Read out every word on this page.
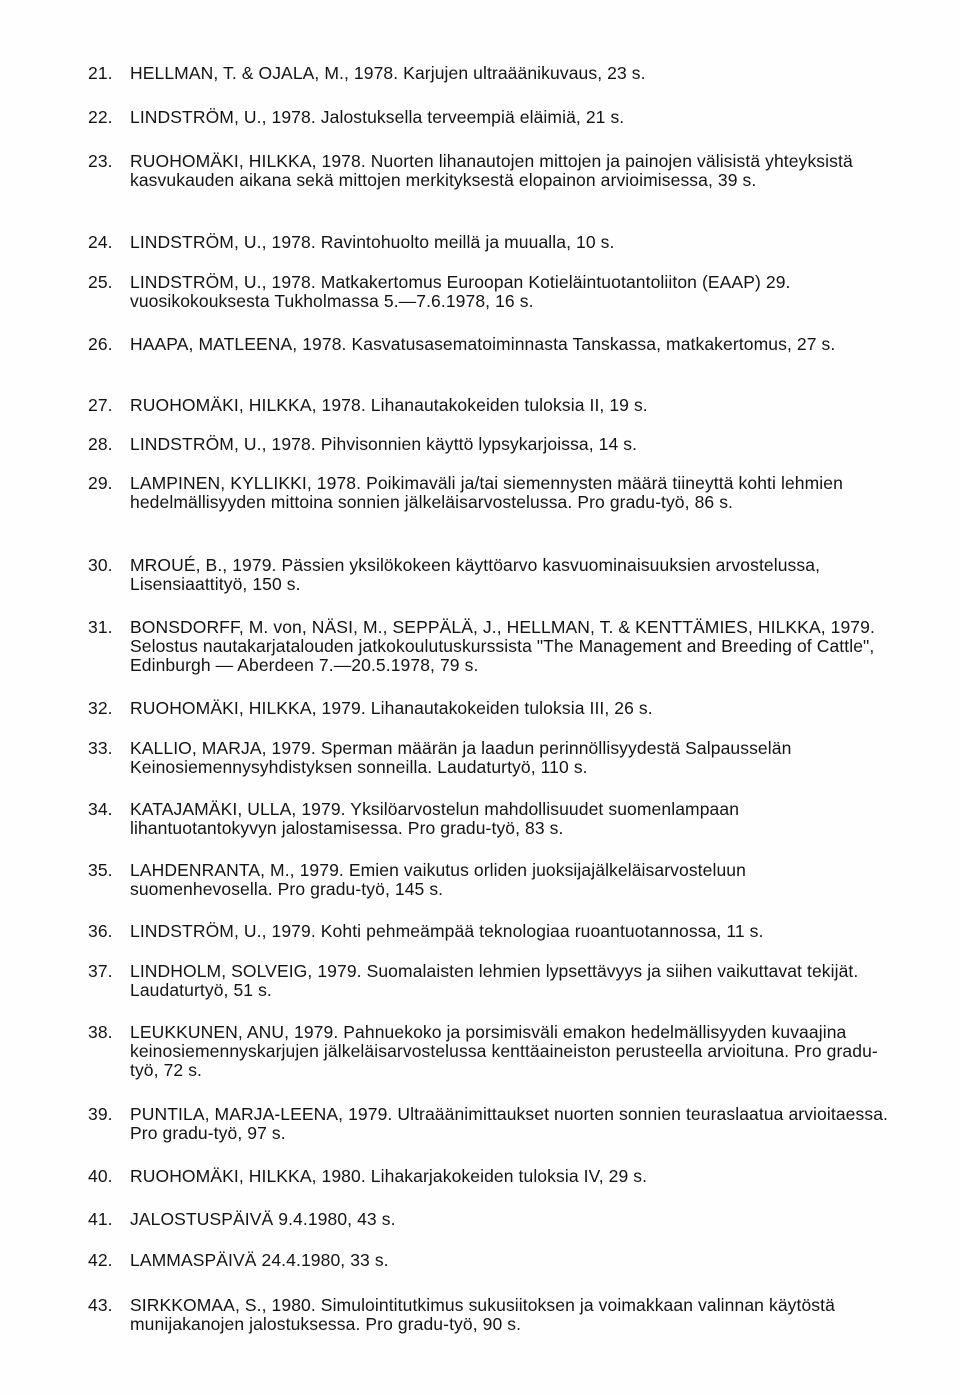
21. HELLMAN, T. & OJALA, M., 1978. Karjujen ultraäänikuvaus, 23 s.
22. LINDSTRÖM, U., 1978. Jalostuksella terveempiä eläimiä, 21 s.
23. RUOHOMÄKI, HILKKA, 1978. Nuorten lihanautojen mittojen ja painojen välisistä yhteyksistä kasvukauden aikana sekä mittojen merkityksestä elopainon arvioimisessa, 39 s.
24. LINDSTRÖM, U., 1978. Ravintohuolto meillä ja muualla, 10 s.
25. LINDSTRÖM, U., 1978. Matkakertomus Euroopan Kotieläintuotantoliiton (EAAP) 29. vuosikokouksesta Tukholmassa 5.—7.6.1978, 16 s.
26. HAAPA, MATLEENA, 1978. Kasvatusasematoiminnasta Tanskassa, matkakertomus, 27 s.
27. RUOHOMÄKI, HILKKA, 1978. Lihanautakokeiden tuloksia II, 19 s.
28. LINDSTRÖM, U., 1978. Pihvisonnien käyttö lypsykarjoissa, 14 s.
29. LAMPINEN, KYLLIKKI, 1978. Poikimaväli ja/tai siemennysten määrä tiineyttä kohti lehmien hedelmällisyyden mittoina sonnien jälkeläisarvostelussa. Pro gradu-työ, 86 s.
30. MROUÉ, B., 1979. Pässien yksilökokeen käyttöarvo kasvuominaisuuksien arvostelussa, Lisensiaattityö, 150 s.
31. BONSDORFF, M. von, NÄSI, M., SEPPÄLÄ, J., HELLMAN, T. & KENTTÄMIES, HILKKA, 1979. Selostus nautakarjatalouden jatkokoulutuskurssista "The Management and Breeding of Cattle", Edinburgh — Aberdeen 7.—20.5.1978, 79 s.
32. RUOHOMÄKI, HILKKA, 1979. Lihanautakokeiden tuloksia III, 26 s.
33. KALLIO, MARJA, 1979. Sperman määrän ja laadun perinnöllisyydestä Salpausselän Keinosiemennysyhdistyksen sonneilla. Laudaturtyö, 110 s.
34. KATAJAMÄKI, ULLA, 1979. Yksilöarvostelun mahdollisuudet suomenlampaan lihantuotantokyvyn jalostamisessa. Pro gradu-työ, 83 s.
35. LAHDENRANTA, M., 1979. Emien vaikutus orliden juoksijajälkeläisarvosteluun suomenhevosella. Pro gradu-työ, 145 s.
36. LINDSTRÖM, U., 1979. Kohti pehmeämpää teknologiaa ruoantuotannossa, 11 s.
37. LINDHOLM, SOLVEIG, 1979. Suomalaisten lehmien lypsettävyys ja siihen vaikuttavat tekijät. Laudaturtyö, 51 s.
38. LEUKKUNEN, ANU, 1979. Pahnuekoko ja porsimisväli emakon hedelmällisyyden kuvaajina keinosiemennyskarjujen jälkeläisarvostelussa kenttäaineiston perusteella arvioituna. Pro gradu-työ, 72 s.
39. PUNTILA, MARJA-LEENA, 1979. Ultraäänimittaukset nuorten sonnien teuraslaatua arvioitaessa. Pro gradu-työ, 97 s.
40. RUOHOMÄKI, HILKKA, 1980. Lihakarjakokeiden tuloksia IV, 29 s.
41. JALOSTUSPÄIVÄ 9.4.1980, 43 s.
42. LAMMASPÄIVÄ 24.4.1980, 33 s.
43. SIRKKOMAA, S., 1980. Simulointitutkimus sukusiitoksen ja voimakkaan valinnan käytöstä munijakanojen jalostuksessa. Pro gradu-työ, 90 s.
